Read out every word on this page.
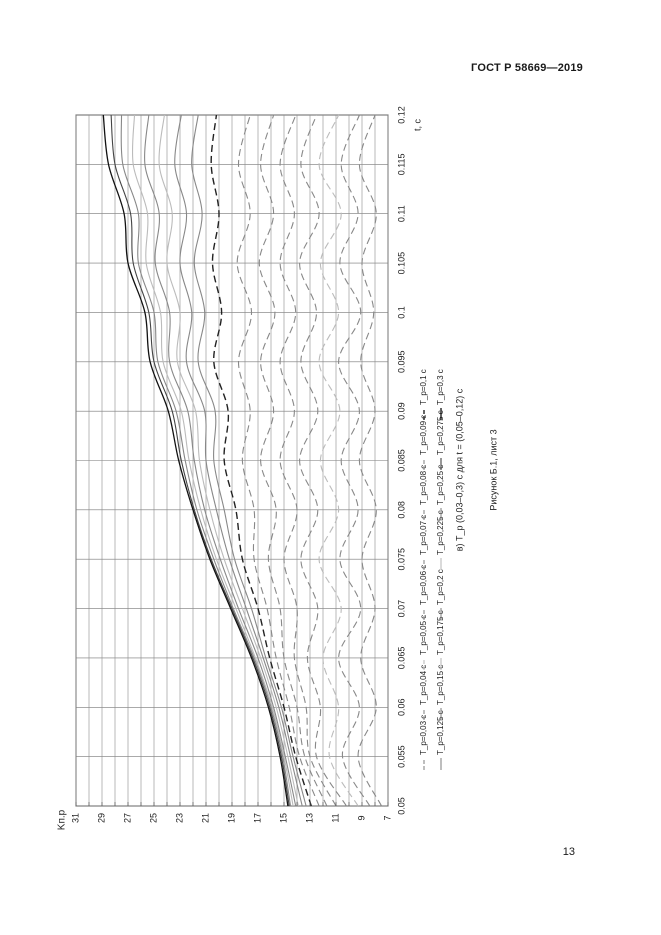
ГОСТ Р 58669—2019
0.05
0.055
0.06
0.065
0.07
0.075
0.08
0.085
0.09
0.095
0.1
0.105
0.11
0.115
0.12
7
9
11
13
15
17
19
21
23
25
27
29
31
Kп.р
t, с
T_p=0,03 с
T_p=0,04 с
T_p=0,05 с
T_p=0,06 с
T_p=0,07 с
T_p=0,08 с
T_p=0,09 с
T_p=0,1 с
T_p=0,125 с
T_p=0,15 с
T_p=0,175 с
T_p=0,2 с
T_p=0,225 с
T_p=0,25 с
T_p=0,275 с
T_p=0,3 с
в) T_p (0,03–0,3) с для t = (0,05–0,12) с	Рисунок Б.1, лист 3
13
